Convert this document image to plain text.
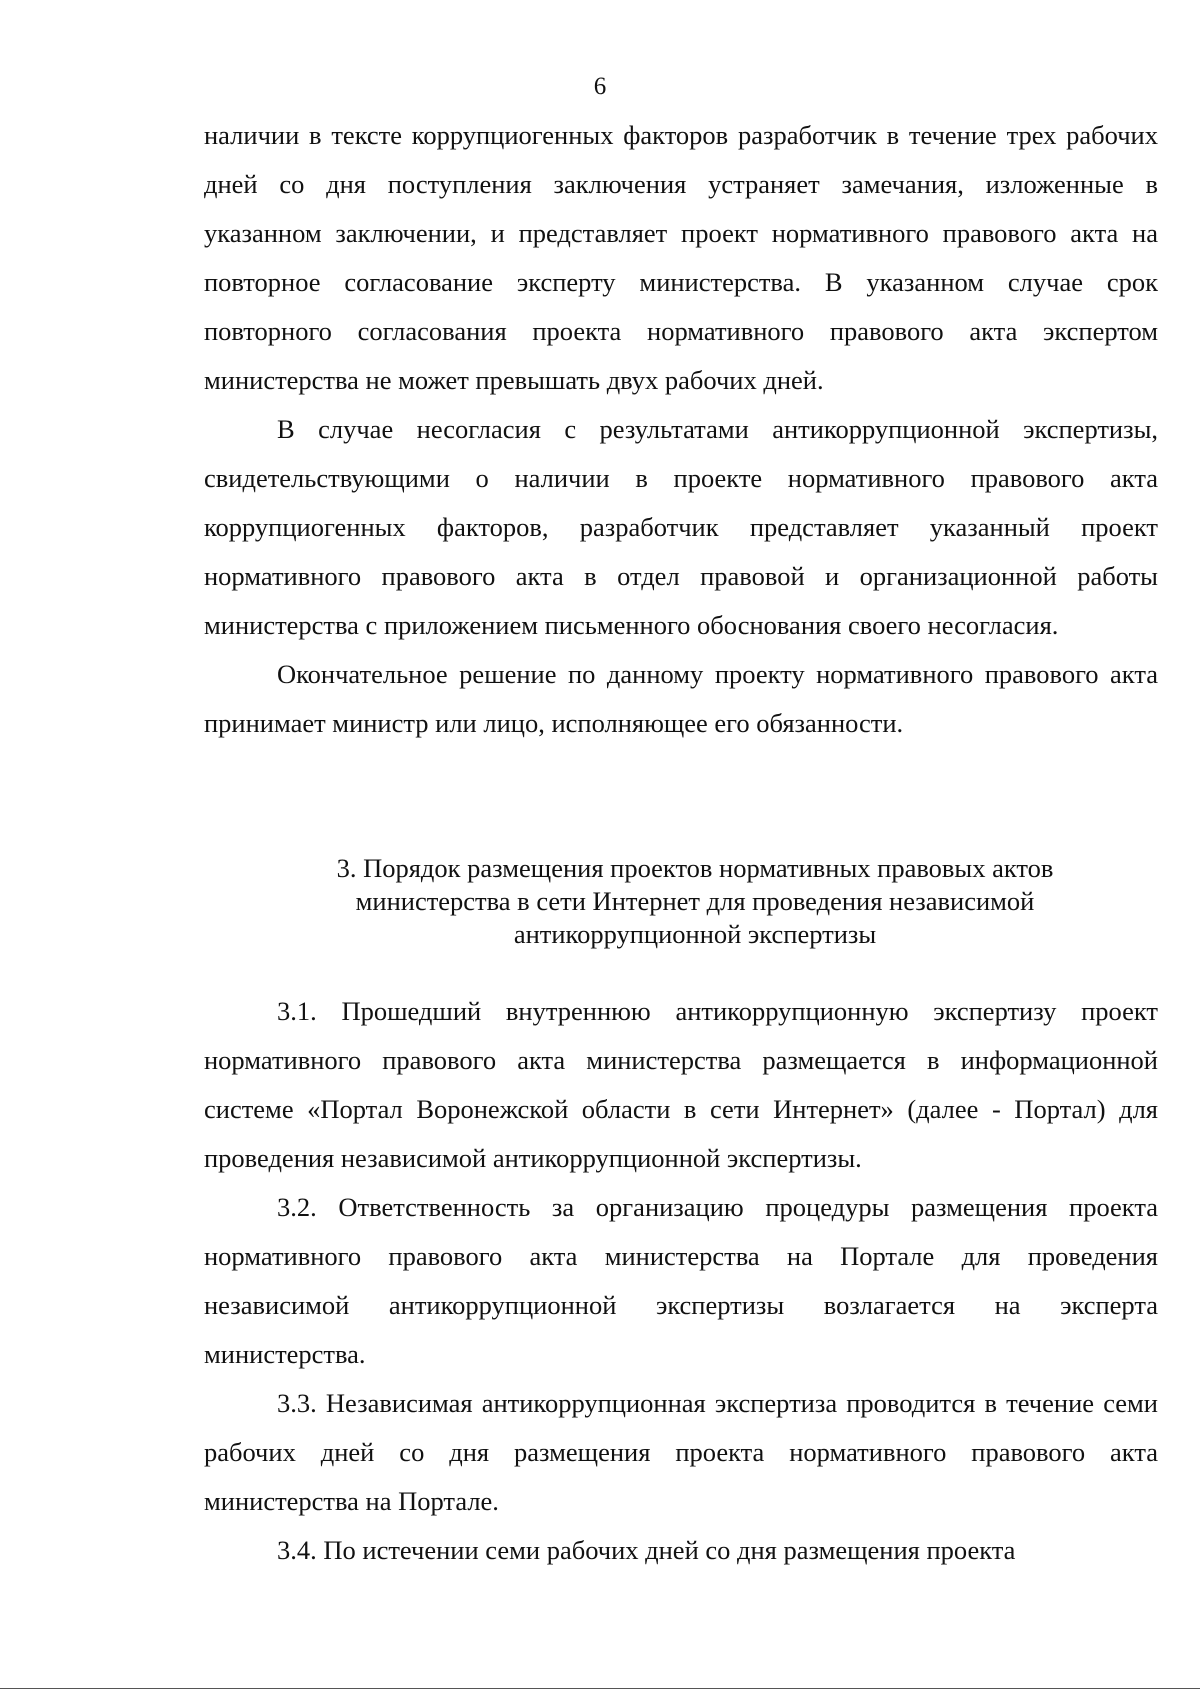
6

наличии в тексте коррупциогенных факторов разработчик в течение трех рабочих дней со дня поступления заключения устраняет замечания, изложенные в указанном заключении, и представляет проект нормативного правового акта на повторное согласование эксперту министерства. В указанном случае срок повторного согласования проекта нормативного правового акта экспертом министерства не может превышать двух рабочих дней.

В случае несогласия с результатами антикоррупционной экспертизы, свидетельствующими о наличии в проекте нормативного правового акта коррупциогенных факторов, разработчик представляет указанный проект нормативного правового акта в отдел правовой и организационной работы министерства с приложением письменного обоснования своего несогласия.

Окончательное решение по данному проекту нормативного правового акта принимает министр или лицо, исполняющее его обязанности.

3. Порядок размещения проектов нормативных правовых актов
министерства в сети Интернет для проведения независимой
антикоррупционной экспертизы

3.1. Прошедший внутреннюю антикоррупционную экспертизу проект нормативного правового акта министерства размещается в информационной системе «Портал Воронежской области в сети Интернет» (далее - Портал) для проведения независимой антикоррупционной экспертизы.

3.2. Ответственность за организацию процедуры размещения проекта нормативного правового акта министерства на Портале для проведения независимой антикоррупционной экспертизы возлагается на эксперта министерства.

3.3. Независимая антикоррупционная экспертиза проводится в течение семи рабочих дней со дня размещения проекта нормативного правового акта министерства на Портале.

3.4. По истечении семи рабочих дней со дня размещения проекта
